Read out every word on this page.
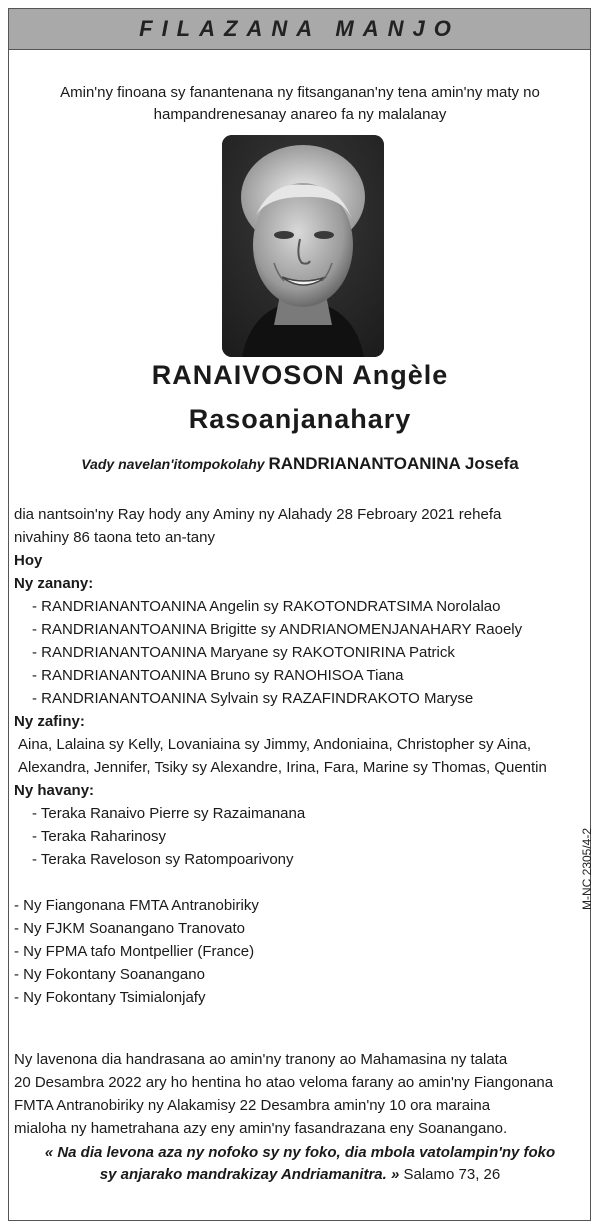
FILAZANA MANJO
Amin'ny finoana sy fanantenana ny fitsanganan'ny tena amin'ny maty no
hampandrenesanay anareo fa ny malalanay
RANAIVOSON Angèle
Rasoanjanahary
Vady navelan'itompokolahy RANDRIANANTOANINA Josefa
dia nantsoin'ny Ray hody any Aminy ny Alahady 28 Febroary 2021 rehefa
nivahiny 86 taona teto an-tany
Hoy
Ny zanany:
- RANDRIANANTOANINA Angelin sy RAKOTONDRATSIMA Norolalao
- RANDRIANANTOANINA Brigitte sy ANDRIANOMENJANAHARY Raoely
- RANDRIANANTOANINA Maryane sy RAKOTONIRINA Patrick
- RANDRIANANTOANINA Bruno sy RANOHISOA Tiana
- RANDRIANANTOANINA Sylvain sy RAZAFINDRAKOTO Maryse
Ny zafiny:
Aina, Lalaina sy Kelly, Lovaniaina sy Jimmy, Andoniaina, Christopher sy Aina,
Alexandra, Jennifer, Tsiky sy Alexandre, Irina, Fara, Marine sy Thomas, Quentin
Ny havany:
- Teraka Ranaivo Pierre sy Razaimanana
- Teraka Raharinosy
- Teraka Raveloson sy Ratompoarivony
- Ny Fiangonana FMTA Antranobiriky
- Ny FJKM Soanangano Tranovato
- Ny FPMA tafo Montpellier (France)
- Ny Fokontany Soanangano
- Ny Fokontany Tsimialonjafy
M-NC 2305/4-2
Ny lavenona dia handrasana ao amin'ny tranony ao Mahamasina ny talata
20 Desambra 2022 ary ho hentina ho atao veloma farany ao amin'ny Fiangonana
FMTA Antranobiriky ny Alakamisy 22 Desambra amin'ny 10 ora maraina
mialoha ny hametrahana azy eny amin'ny fasandrazana eny Soanangano.
« Na dia levona aza ny nofoko sy ny foko, dia mbola vatolampin'ny foko
sy anjarako mandrakizay Andriamanitra. » Salamo 73, 26
